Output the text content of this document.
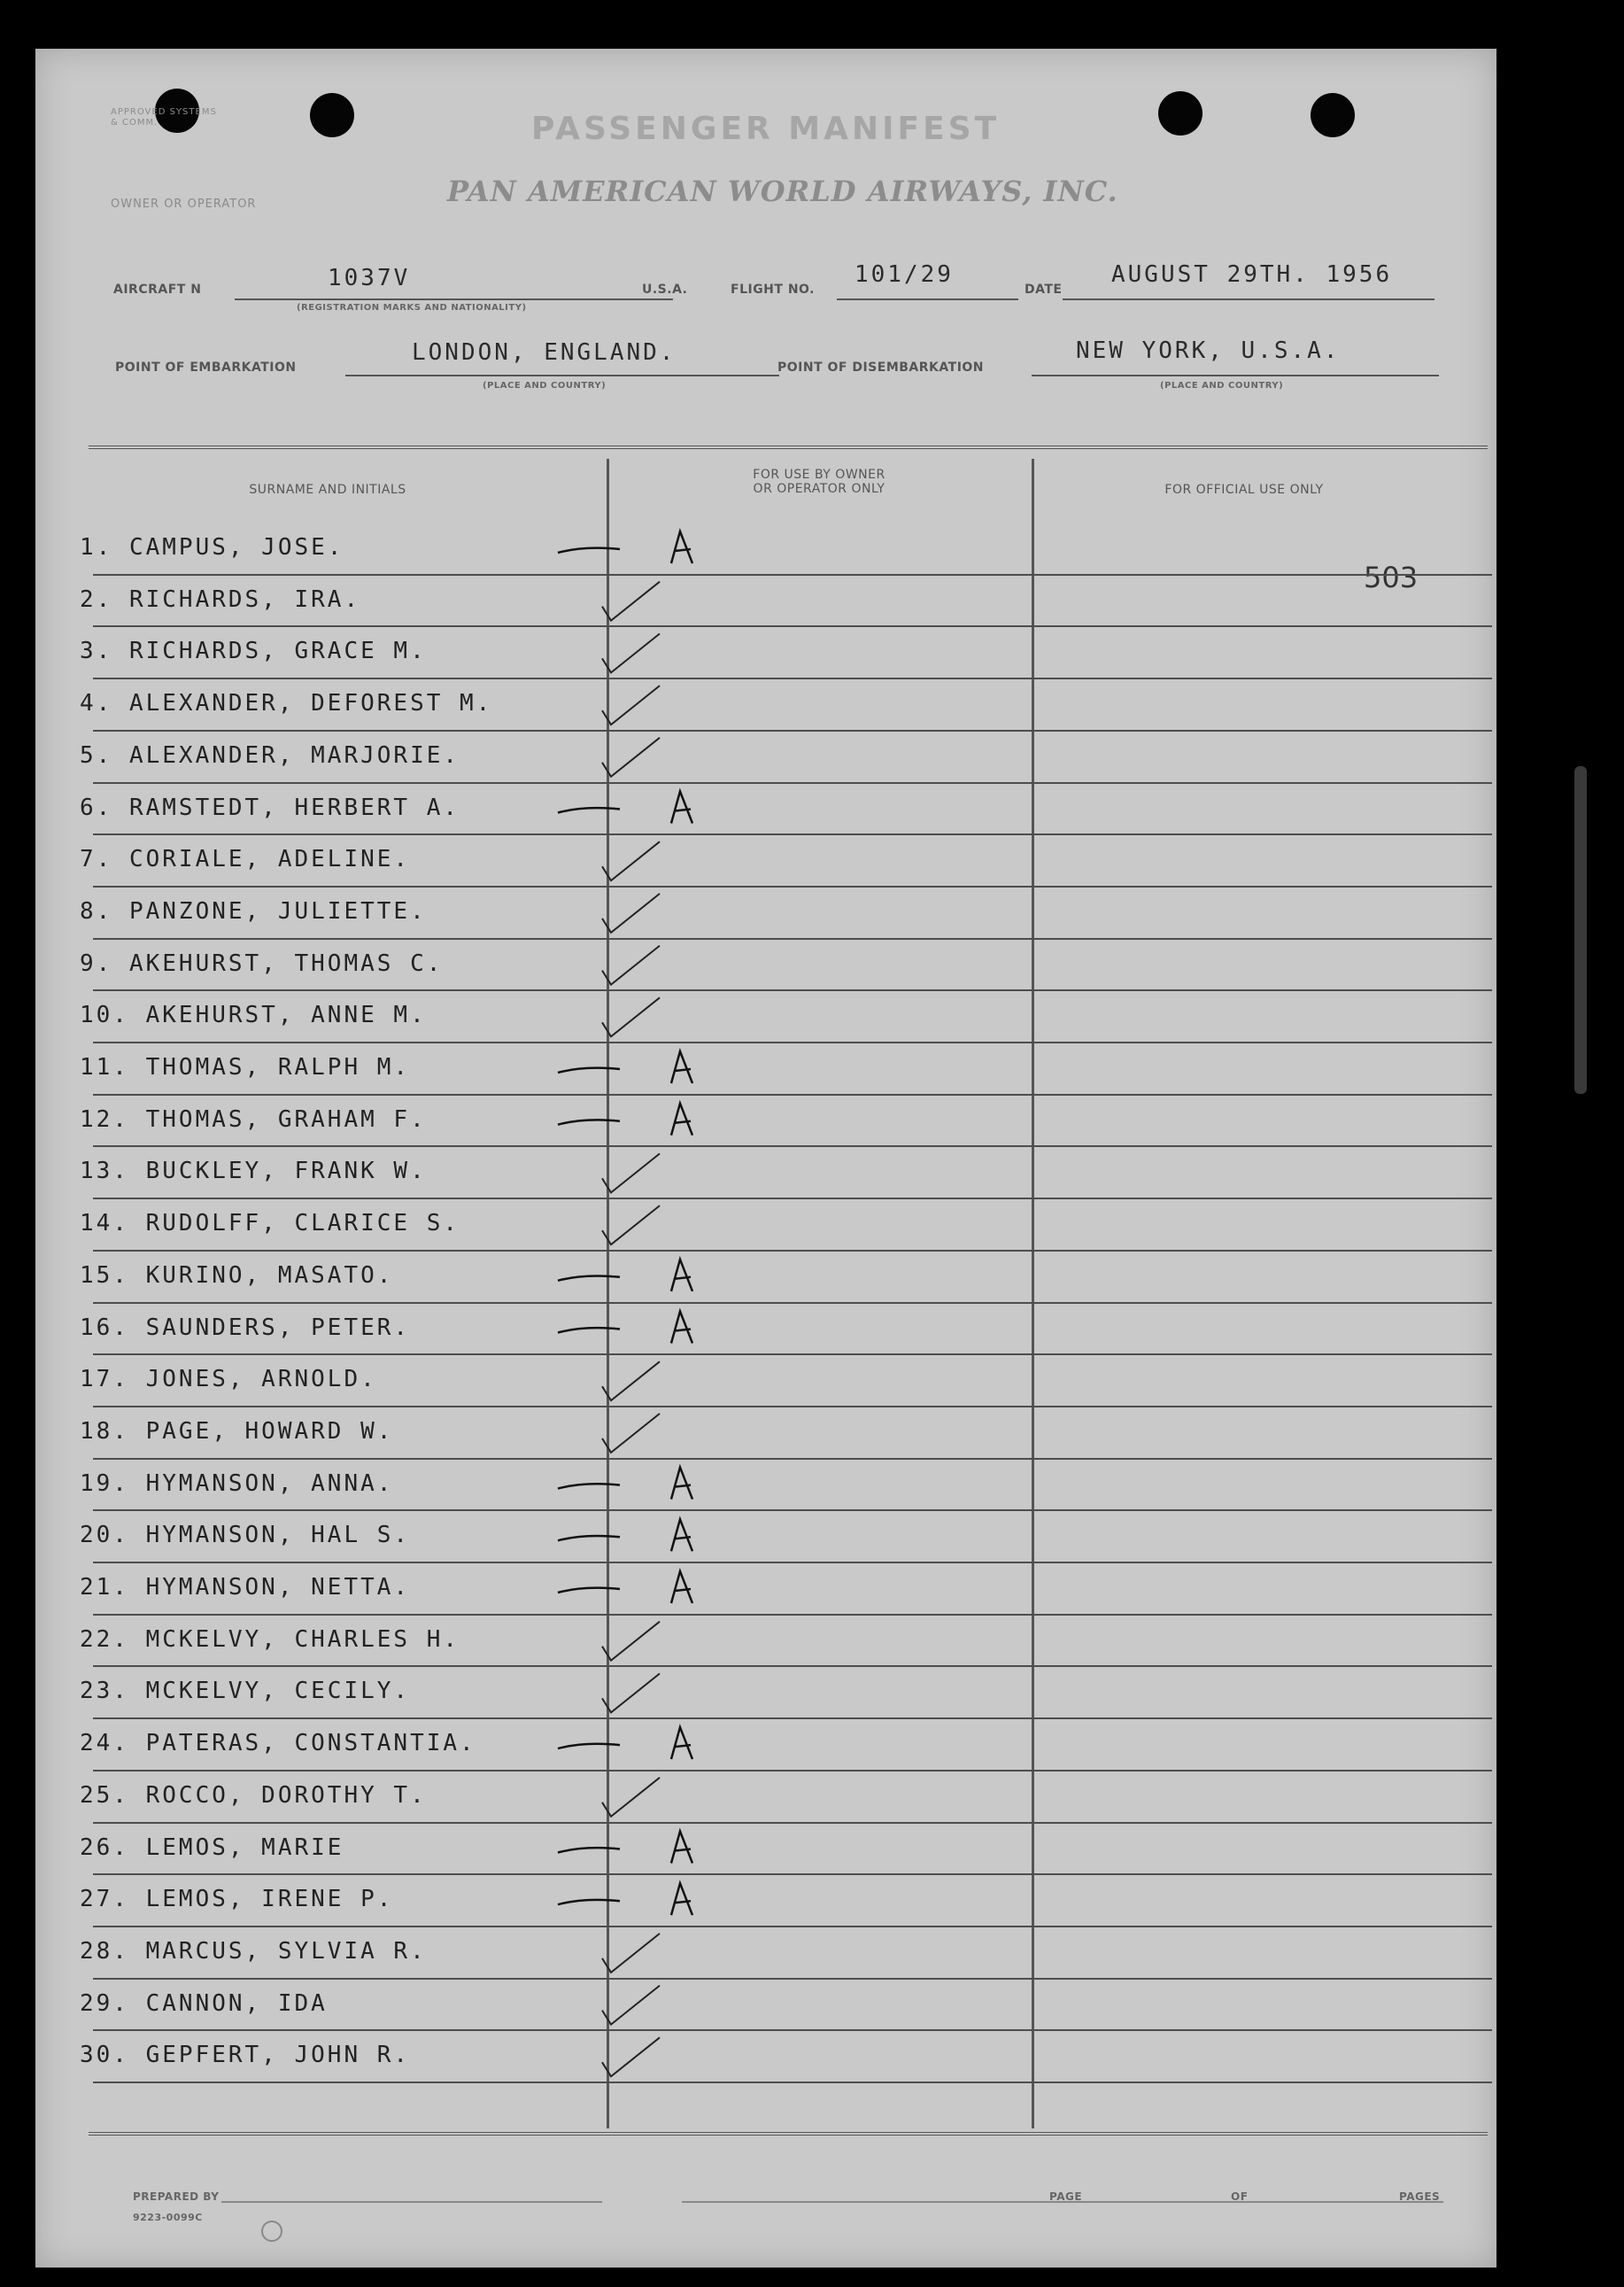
APPROVED SYSTEMS & COMM.	PASSENGER MANIFEST
OWNER OR OPERATOR	PAN AMERICAN WORLD AIRWAYS, INC.
AIRCRAFT N	1037V
(REGISTRATION MARKS AND NATIONALITY)
U.S.A.	FLIGHT NO.
101/29
DATE
AUGUST 29TH. 1956
POINT OF EMBARKATION
LONDON, ENGLAND.
(PLACE AND COUNTRY)
POINT OF DISEMBARKATION
NEW YORK, U.S.A.
(PLACE AND COUNTRY)
SURNAME AND INITIALS
FOR USE BY OWNER
OR OPERATOR ONLY	FOR OFFICIAL USE ONLY
503
1. CAMPUS, JOSE.
2. RICHARDS, IRA.
3. RICHARDS, GRACE M.
4. ALEXANDER, DEFOREST M.
5. ALEXANDER, MARJORIE.
6. RAMSTEDT, HERBERT A.
7. CORIALE, ADELINE.
8. PANZONE, JULIETTE.
9. AKEHURST, THOMAS C.
10. AKEHURST, ANNE M.
11. THOMAS, RALPH M.
12. THOMAS, GRAHAM F.
13. BUCKLEY, FRANK W.
14. RUDOLFF, CLARICE S.
15. KURINO, MASATO.
16. SAUNDERS, PETER.
17. JONES, ARNOLD.
18. PAGE, HOWARD W.
19. HYMANSON, ANNA.
20. HYMANSON, HAL S.
21. HYMANSON, NETTA.
22. MCKELVY, CHARLES H.
23. MCKELVY, CECILY.
24. PATERAS, CONSTANTIA.
25. ROCCO, DOROTHY T.
26. LEMOS, MARIE
27. LEMOS, IRENE P.
28. MARCUS, SYLVIA R.
29. CANNON, IDA
30. GEPFERT, JOHN R.
PREPARED BY
9223-0099C
PAGE	OF	PAGES
